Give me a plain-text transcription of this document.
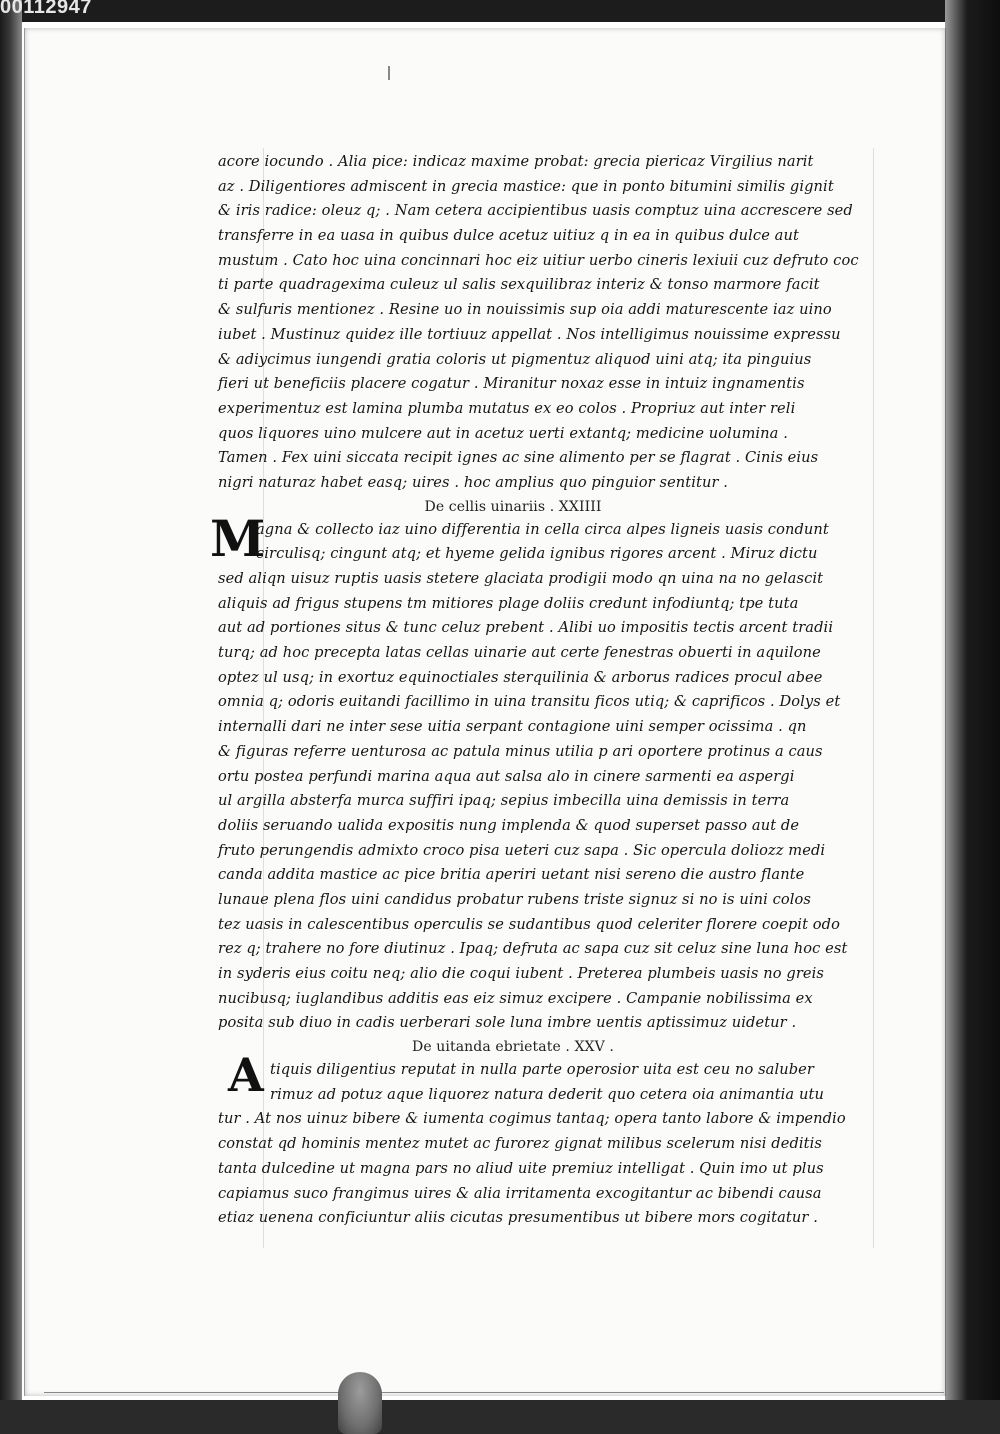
00112947
acore iocundo . Alia pice: indicaz maxime probat: grecia piericaz Virgilius narit
az . Diligentiores admiscent in grecia mastice: que in ponto bitumini similis gignit
& iris radice: oleuz q; . Nam cetera accipientibus uasis comptuz uina accrescere sed
transferre in ea uasa in quibus dulce acetuz uitiuz q in ea in quibus dulce aut
mustum . Cato hoc uina concinnari hoc eiz uitiur uerbo cineris lexiuii cuz defruto coc
ti parte quadragexima culeuz ul salis sexquilibraz interiz & tonso marmore facit
& sulfuris mentionez . Resine uo in nouissimis sup oia addi maturescente iaz uino
iubet . Mustinuz quidez ille tortiuuz appellat . Nos intelligimus nouissime expressu
& adiycimus iungendi gratia coloris ut pigmentuz aliquod uini atq; ita pinguius
fieri ut beneficiis placere cogatur . Miranitur noxaz esse in intuiz ingnamentis
experimentuz est lamina plumba mutatus ex eo colos . Propriuz aut inter reli
quos liquores uino mulcere aut in acetuz uerti extantq; medicine uolumina .
Tamen . Fex uini siccata recipit ignes ac sine alimento per se flagrat . Cinis eius
nigri naturaz habet easq; uires . hoc amplius quo pinguior sentitur .
De cellis uinariis . XXIIII
M
agna & collecto iaz uino differentia in cella circa alpes ligneis uasis condunt
circulisq; cingunt atq; et hyeme gelida ignibus rigores arcent . Miruz dictu
sed aliqn uisuz ruptis uasis stetere glaciata prodigii modo qn uina na no gelascit
aliquis ad frigus stupens tm mitiores plage doliis credunt infodiuntq; tpe tuta
aut ad portiones situs & tunc celuz prebent . Alibi uo impositis tectis arcent tradii
turq; ad hoc precepta latas cellas uinarie aut certe fenestras obuerti in aquilone
optez ul usq; in exortuz equinoctiales sterquilinia & arborus radices procul abee
omnia q; odoris euitandi facillimo in uina transitu ficos utiq; & caprificos . Dolys et
internalli dari ne inter sese uitia serpant contagione uini semper ocissima . qn
& figuras referre uenturosa ac patula minus utilia p ari oportere protinus a caus
ortu postea perfundi marina aqua aut salsa alo in cinere sarmenti ea aspergi
ul argilla absterfa murca suffiri ipaq; sepius imbecilla uina demissis in terra
doliis seruando ualida expositis nung implenda & quod superset passo aut de
fruto perungendis admixto croco pisa ueteri cuz sapa . Sic opercula doliozz medi
canda addita mastice ac pice britia aperiri uetant nisi sereno die austro flante
lunaue plena flos uini candidus probatur rubens triste signuz si no is uini colos
tez uasis in calescentibus operculis se sudantibus quod celeriter florere coepit odo
rez q; trahere no fore diutinuz . Ipaq; defruta ac sapa cuz sit celuz sine luna hoc est
in syderis eius coitu neq; alio die coqui iubent . Preterea plumbeis uasis no greis
nucibusq; iuglandibus additis eas eiz simuz excipere . Campanie nobilissima ex
posita sub diuo in cadis uerberari sole luna imbre uentis aptissimuz uidetur .
De uitanda ebrietate . XXV .
A tiquis diligentius reputat in nulla parte operosior uita est ceu no saluber
rimuz ad potuz aque liquorez natura dederit quo cetera oia animantia utu
tur . At nos uinuz bibere & iumenta cogimus tantaq; opera tanto labore & impendio
constat qd hominis mentez mutet ac furorez gignat milibus scelerum nisi deditis
tanta dulcedine ut magna pars no aliud uite premiuz intelligat . Quin imo ut plus
capiamus suco frangimus uires & alia irritamenta excogitantur ac bibendi causa
etiaz uenena conficiuntur aliis cicutas presumentibus ut bibere mors cogitatur .
